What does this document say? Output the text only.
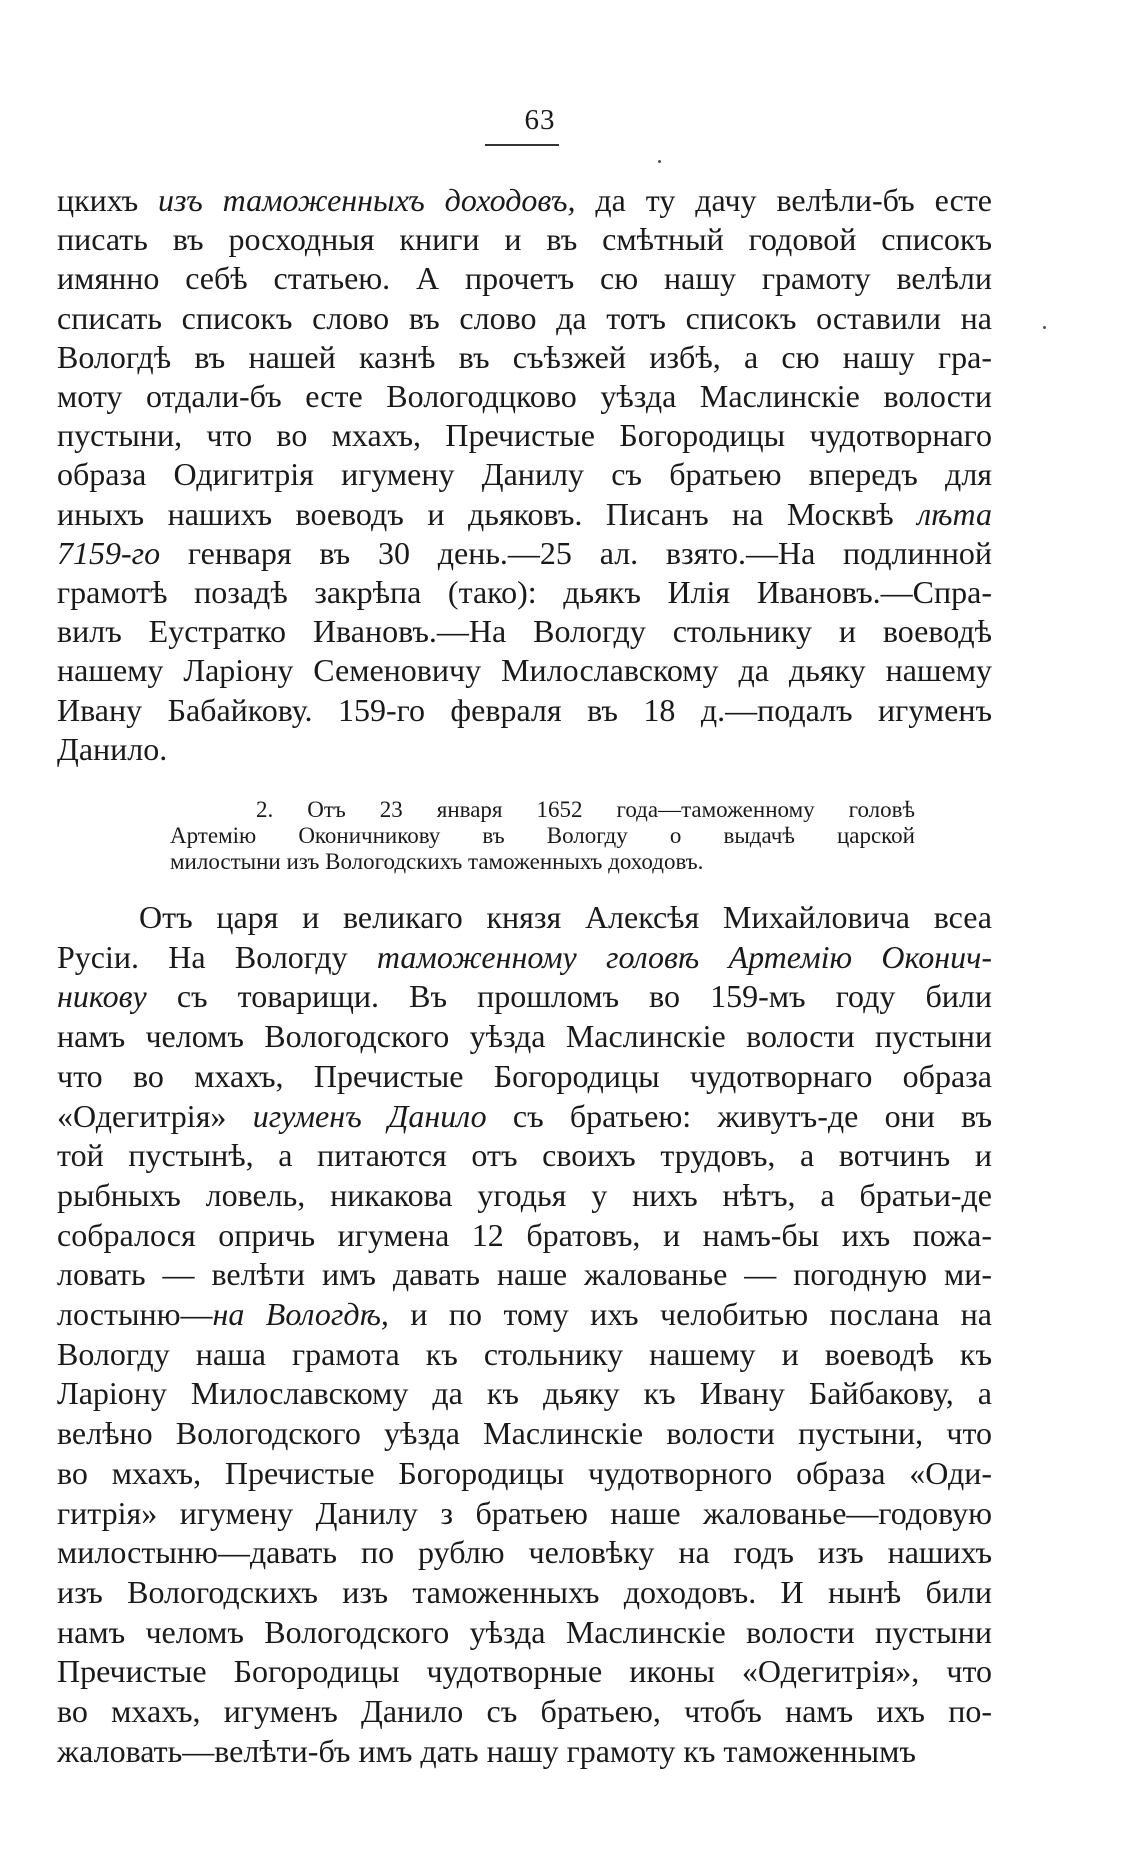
63
цкихъ изъ таможенныхъ доходовъ, да ту дачу велѣли-бъ есте
писать въ росходныя книги и въ смѣтный годовой списокъ
имянно себѣ статьею. А прочетъ сю нашу грамоту велѣли
списать списокъ слово въ слово да тотъ списокъ оставили на
Вологдѣ въ нашей казнѣ въ съѣзжей избѣ, а сю нашу гра-
моту отдали-бъ есте Вологодцково уѣзда Маслинскіе волости
пустыни, что во мхахъ, Пречистые Богородицы чудотворнаго
образа Одигитрія игумену Данилу съ братьею впередъ для
иныхъ нашихъ воеводъ и дьяковъ. Писанъ на Москвѣ лѣта
7159-го генваря въ 30 день.—25 ал. взято.—На подлинной
грамотѣ позадѣ закрѣпа (тако): дьякъ Илія Ивановъ.—Спра-
вилъ Еустратко Ивановъ.—На Вологду стольнику и воеводѣ
нашему Ларіону Семеновичу Милославскому да дьяку нашему
Ивану Бабайкову. 159-го февраля въ 18 д.—подалъ игуменъ
Данило.
2. Отъ 23 января 1652 года—таможенному головѣ
Артемію Оконичникову въ Вологду о выдачѣ царской
милостыни изъ Вологодскихъ таможенныхъ доходовъ.
Отъ царя и великаго князя Алексѣя Михайловича всеа
Русіи. На Вологду таможенному головѣ Артемію Оконич-
никову съ товарищи. Въ прошломъ во 159-мъ году били
намъ челомъ Вологодского уѣзда Маслинскіе волости пустыни
что во мхахъ, Пречистые Богородицы чудотворнаго образа
«Одегитрія» игуменъ Данило съ братьею: живутъ-де они въ
той пустынѣ, а питаются отъ своихъ трудовъ, а вотчинъ и
рыбныхъ ловель, никакова угодья у нихъ нѣтъ, а братьи-де
собралося опричь игумена 12 братовъ, и намъ-бы ихъ пожа-
ловать — велѣти имъ давать наше жалованье — погодную ми-
лостыню—на Вологдѣ, и по тому ихъ челобитью послана на
Вологду наша грамота къ стольнику нашему и воеводѣ къ
Ларіону Милославскому да къ дьяку къ Ивану Байбакову, а
велѣно Вологодского уѣзда Маслинскіе волости пустыни, что
во мхахъ, Пречистые Богородицы чудотворного образа «Оди-
гитрія» игумену Данилу з братьею наше жалованье—годовую
милостыню—давать по рублю человѣку на годъ изъ нашихъ
изъ Вологодскихъ изъ таможенныхъ доходовъ. И нынѣ били
намъ челомъ Вологодского уѣзда Маслинскіе волости пустыни
Пречистые Богородицы чудотворные иконы «Одегитрія», что
во мхахъ, игуменъ Данило съ братьею, чтобъ намъ ихъ по-
жаловать—велѣти-бъ имъ дать нашу грамоту къ таможеннымъ
